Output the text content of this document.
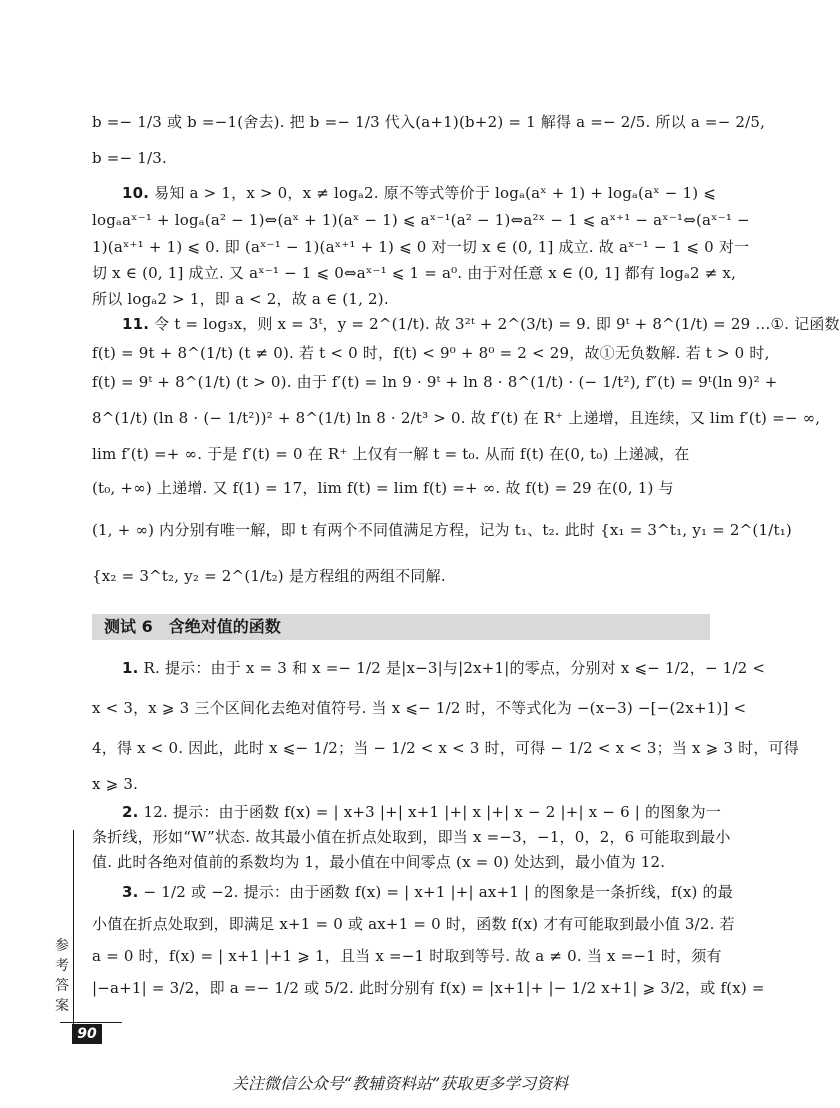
b =− 1/3 或 b =−1(舍去). 把 b =− 1/3 代入(a+1)(b+2) = 1 解得 a =− 2/5. 所以 a =− 2/5,
b =− 1/3.
10. 易知 a > 1，x > 0，x ≠ logₐ2. 原不等式等价于 logₐ(aˣ + 1) + logₐ(aˣ − 1) ⩽
logₐaˣ⁻¹ + logₐ(a² − 1)⇔(aˣ + 1)(aˣ − 1) ⩽ aˣ⁻¹(a² − 1)⇔a²ˣ − 1 ⩽ aˣ⁺¹ − aˣ⁻¹⇔(aˣ⁻¹ −
1)(aˣ⁺¹ + 1) ⩽ 0. 即 (aˣ⁻¹ − 1)(aˣ⁺¹ + 1) ⩽ 0 对一切 x ∈ (0, 1] 成立. 故 aˣ⁻¹ − 1 ⩽ 0 对一
切 x ∈ (0, 1] 成立. 又 aˣ⁻¹ − 1 ⩽ 0⇔aˣ⁻¹ ⩽ 1 = a⁰. 由于对任意 x ∈ (0, 1] 都有 logₐ2 ≠ x,
所以 logₐ2 > 1，即 a < 2，故 a ∈ (1, 2).
11. 令 t = log₃x，则 x = 3ᵗ，y = 2^(1/t). 故 3²ᵗ + 2^(3/t) = 9. 即 9ᵗ + 8^(1/t) = 29 …①. 记函数
f(t) = 9t + 8^(1/t) (t ≠ 0). 若 t < 0 时，f(t) < 9⁰ + 8⁰ = 2 < 29，故①无负数解. 若 t > 0 时,
f(t) = 9ᵗ + 8^(1/t) (t > 0). 由于 f′(t) = ln 9 · 9ᵗ + ln 8 · 8^(1/t) · (− 1/t²), f″(t) = 9ᵗ(ln 9)² +
8^(1/t) (ln 8 · (− 1/t²))² + 8^(1/t) ln 8 · 2/t³ > 0. 故 f′(t) 在 R⁺ 上递增，且连续，又 lim f′(t) =− ∞,
lim f′(t) =+ ∞. 于是 f′(t) = 0 在 R⁺ 上仅有一解 t = t₀. 从而 f(t) 在(0, t₀) 上递减，在
(t₀, +∞) 上递增. 又 f(1) = 17，lim f(t) = lim f(t) =+ ∞. 故 f(t) = 29 在(0, 1) 与
(1, + ∞) 内分别有唯一解，即 t 有两个不同值满足方程，记为 t₁、t₂. 此时 {x₁ = 3^t₁, y₁ = 2^(1/t₁)
{x₂ = 3^t₂, y₂ = 2^(1/t₂) 是方程组的两组不同解.
测试 6　含绝对值的函数
1. R. 提示：由于 x = 3 和 x =− 1/2 是|x−3|与|2x+1|的零点，分别对 x ⩽− 1/2，− 1/2 <
x < 3，x ⩾ 3 三个区间化去绝对值符号. 当 x ⩽− 1/2 时，不等式化为 −(x−3) −[−(2x+1)] <
4，得 x < 0. 因此，此时 x ⩽− 1/2；当 − 1/2 < x < 3 时，可得 − 1/2 < x < 3；当 x ⩾ 3 时，可得
x ⩾ 3.
2. 12. 提示：由于函数 f(x) = | x+3 |+| x+1 |+| x |+| x − 2 |+| x − 6 | 的图象为一
条折线，形如“W”状态. 故其最小值在折点处取到，即当 x =−3，−1，0，2，6 可能取到最小
值. 此时各绝对值前的系数均为 1，最小值在中间零点 (x = 0) 处达到，最小值为 12.
3. − 1/2 或 −2. 提示：由于函数 f(x) = | x+1 |+| ax+1 | 的图象是一条折线，f(x) 的最
小值在折点处取到，即满足 x+1 = 0 或 ax+1 = 0 时，函数 f(x) 才有可能取到最小值 3/2. 若
a = 0 时，f(x) = | x+1 |+1 ⩾ 1，且当 x =−1 时取到等号. 故 a ≠ 0. 当 x =−1 时，须有
|−a+1| = 3/2，即 a =− 1/2 或 5/2. 此时分别有 f(x) = |x+1|+ |− 1/2 x+1| ⩾ 3/2，或 f(x) =
参
考
答
案
90
关注微信公众号“教辅资料站”获取更多学习资料
